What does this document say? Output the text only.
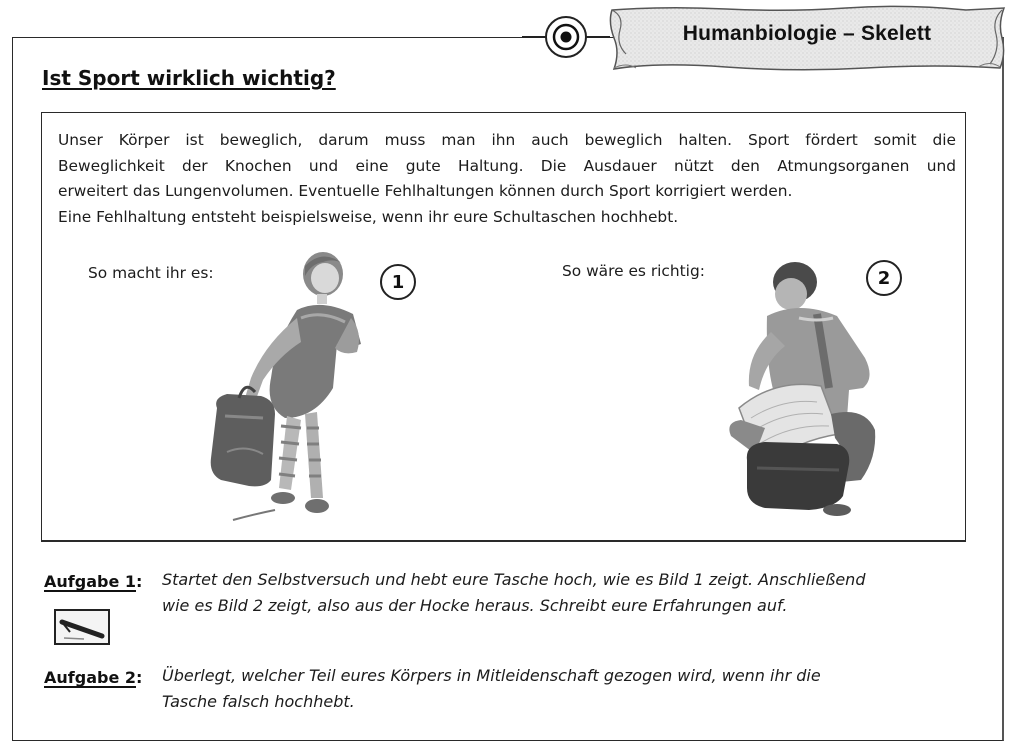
Humanbiologie – Skelett
Ist Sport wirklich wichtig?
Unser Körper ist beweglich, darum muss man ihn auch beweglich halten. Sport fördert somit die
Beweglichkeit der Knochen und eine gute Haltung. Die Ausdauer nützt den Atmungsorganen und
erweitert das Lungenvolumen. Eventuelle Fehlhaltungen können durch Sport korrigiert werden.
Eine Fehlhaltung entsteht beispielsweise, wenn ihr eure Schultaschen hochhebt.
So macht ihr es:	1
So wäre es richtig:	2
Aufgabe 1: Startet den Selbstversuch und hebt eure Tasche hoch, wie es Bild 1 zeigt. Anschließend
wie es Bild 2 zeigt, also aus der Hocke heraus. Schreibt eure Erfahrungen auf.
Aufgabe 2: Überlegt, welcher Teil eures Körpers in Mitleidenschaft gezogen wird, wenn ihr die
Tasche falsch hochhebt.
